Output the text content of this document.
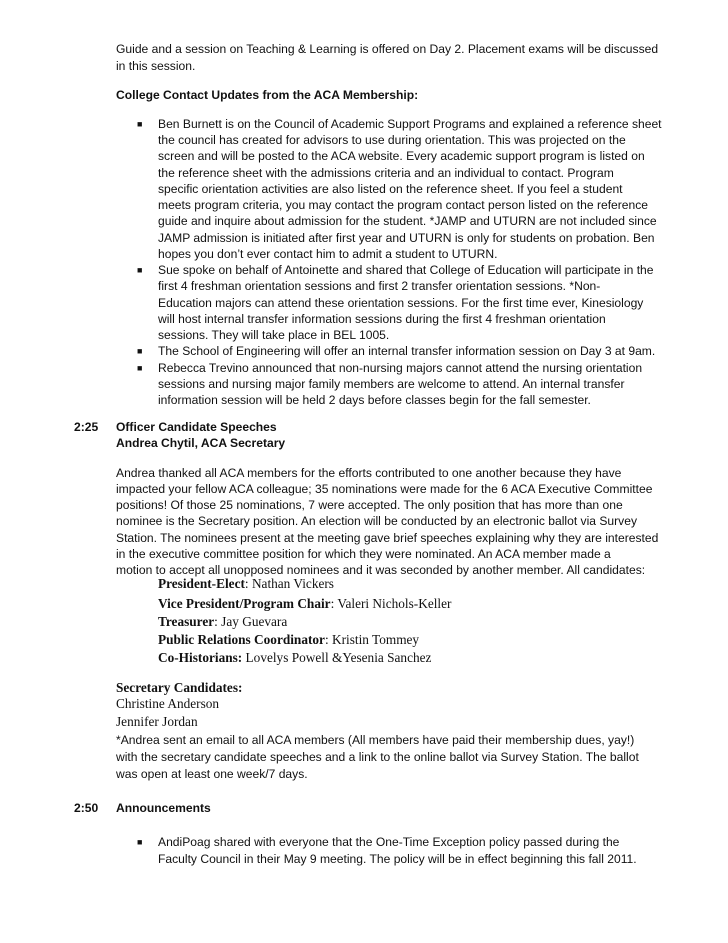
Guide and a session on Teaching & Learning is offered on Day 2. Placement exams will be discussed
in this session.
College Contact Updates from the ACA Membership:
■ Ben Burnett is on the Council of Academic Support Programs and explained a reference sheet
the council has created for advisors to use during orientation. This was projected on the
screen and will be posted to the ACA website. Every academic support program is listed on
the reference sheet with the admissions criteria and an individual to contact. Program
specific orientation activities are also listed on the reference sheet. If you feel a student
meets program criteria, you may contact the program contact person listed on the reference
guide and inquire about admission for the student. *JAMP and UTURN are not included since
JAMP admission is initiated after first year and UTURN is only for students on probation. Ben
hopes you don’t ever contact him to admit a student to UTURN.
■ Sue spoke on behalf of Antoinette and shared that College of Education will participate in the
first 4 freshman orientation sessions and first 2 transfer orientation sessions. *Non-
Education majors can attend these orientation sessions. For the first time ever, Kinesiology
will host internal transfer information sessions during the first 4 freshman orientation
sessions. They will take place in BEL 1005.
■ The School of Engineering will offer an internal transfer information session on Day 3 at 9am.
■ Rebecca Trevino announced that non-nursing majors cannot attend the nursing orientation
sessions and nursing major family members are welcome to attend. An internal transfer
information session will be held 2 days before classes begin for the fall semester.
2:25 Officer Candidate Speeches
Andrea Chytil, ACA Secretary
Andrea thanked all ACA members for the efforts contributed to one another because they have
impacted your fellow ACA colleague; 35 nominations were made for the 6 ACA Executive Committee
positions! Of those 25 nominations, 7 were accepted. The only position that has more than one
nominee is the Secretary position. An election will be conducted by an electronic ballot via Survey
Station. The nominees present at the meeting gave brief speeches explaining why they are interested
in the executive committee position for which they were nominated. An ACA member made a
motion to accept all unopposed nominees and it was seconded by another member. All candidates:
President-Elect: Nathan Vickers
Vice President/Program Chair: Valeri Nichols-Keller
Treasurer: Jay Guevara
Public Relations Coordinator: Kristin Tommey
Co-Historians: Lovelys Powell &Yesenia Sanchez
Secretary Candidates:
Christine Anderson
Jennifer Jordan
*Andrea sent an email to all ACA members (All members have paid their membership dues, yay!)
with the secretary candidate speeches and a link to the online ballot via Survey Station. The ballot
was open at least one week/7 days.
2:50 Announcements
■ AndiPoag shared with everyone that the One-Time Exception policy passed during the
Faculty Council in their May 9 meeting. The policy will be in effect beginning this fall 2011.
